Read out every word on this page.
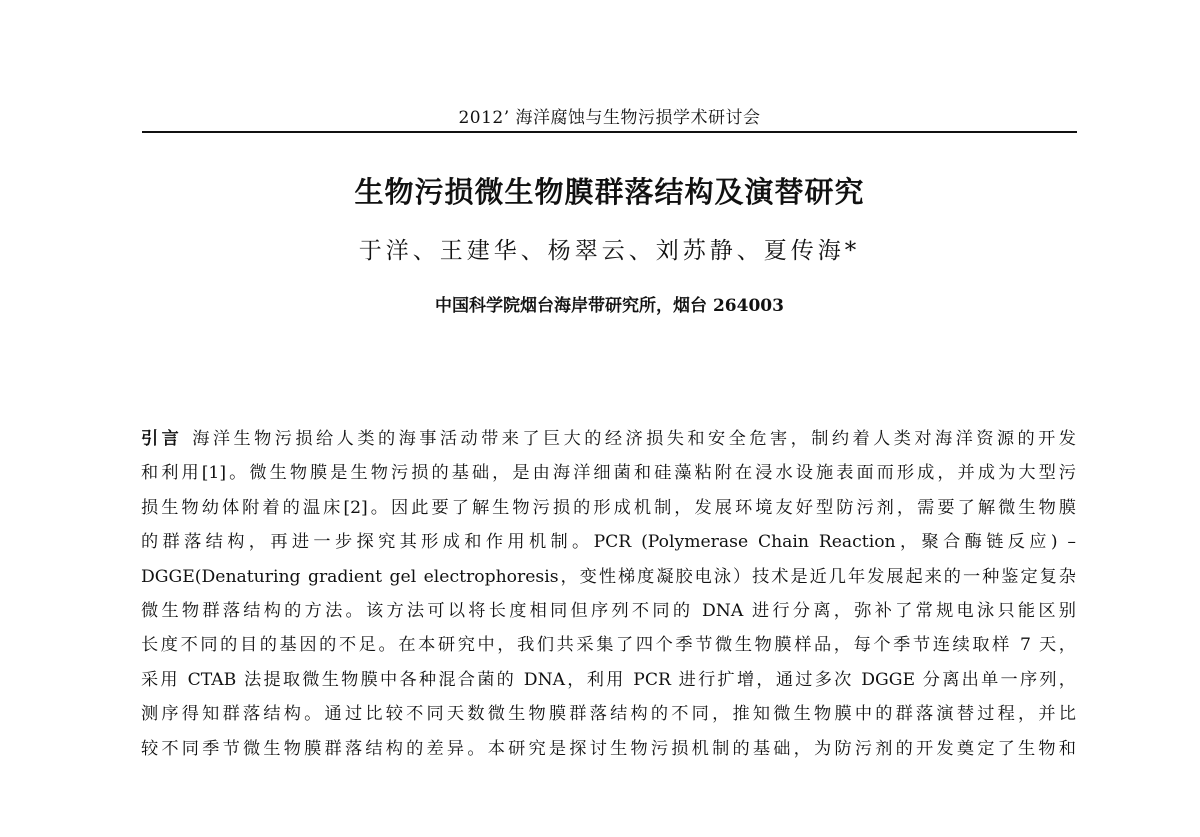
2012’ 海洋腐蚀与生物污损学术研讨会
生物污损微生物膜群落结构及演替研究
于洋、王建华、杨翠云、刘苏静、夏传海*
中国科学院烟台海岸带研究所，烟台 264003
引言 海洋生物污损给人类的海事活动带来了巨大的经济损失和安全危害，制约着人类对海洋资源的开发
和利用[1]。微生物膜是生物污损的基础，是由海洋细菌和硅藻粘附在浸水设施表面而形成，并成为大型污
损生物幼体附着的温床[2]。因此要了解生物污损的形成机制，发展环境友好型防污剂，需要了解微生物膜
的群落结构，再进一步探究其形成和作用机制。PCR (Polymerase Chain Reaction，聚合酶链反应) –
DGGE(Denaturing gradient gel electrophoresis，变性梯度凝胶电泳）技术是近几年发展起来的一种鉴定复杂
微生物群落结构的方法。该方法可以将长度相同但序列不同的 DNA 进行分离，弥补了常规电泳只能区别
长度不同的目的基因的不足。在本研究中，我们共采集了四个季节微生物膜样品，每个季节连续取样 7 天，
采用 CTAB 法提取微生物膜中各种混合菌的 DNA，利用 PCR 进行扩增，通过多次 DGGE 分离出单一序列，
测序得知群落结构。通过比较不同天数微生物膜群落结构的不同，推知微生物膜中的群落演替过程，并比
较不同季节微生物膜群落结构的差异。本研究是探讨生物污损机制的基础，为防污剂的开发奠定了生物和
